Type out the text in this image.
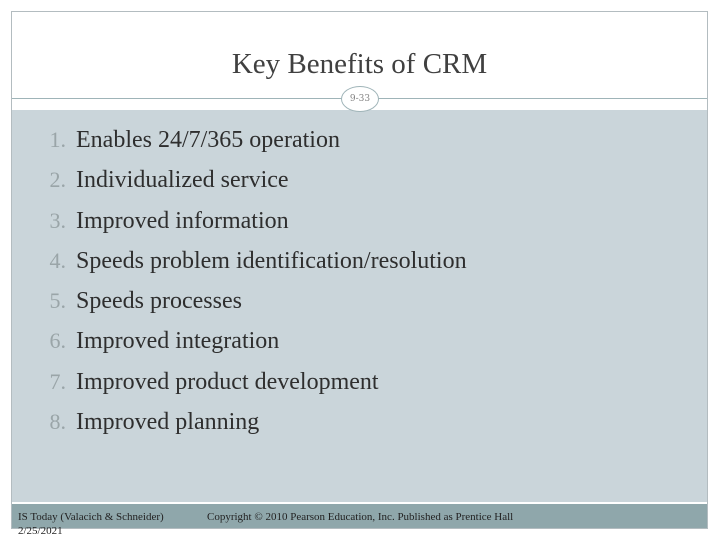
Key Benefits of CRM
9-33
1. Enables 24/7/365 operation
2. Individualized service
3. Improved information
4. Speeds problem identification/resolution
5. Speeds processes
6. Improved integration
7. Improved product development
8. Improved planning
IS Today (Valacich & Schneider)
2/25/2021
Copyright © 2010 Pearson Education, Inc. Published as Prentice Hall
